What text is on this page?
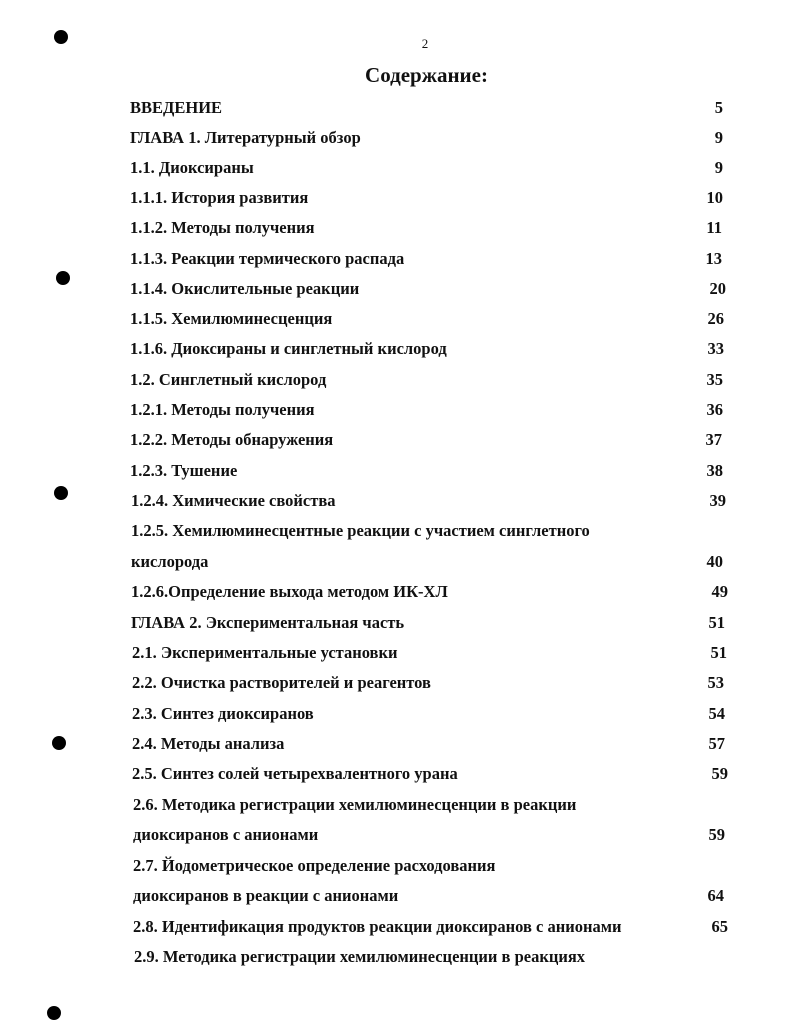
2
Содержание:
ВВЕДЕНИЕ	5
ГЛАВА 1. Литературный обзор	9
1.1. Диоксираны	9
1.1.1. История развития	10
1.1.2. Методы получения	11
1.1.3. Реакции термического распада	13
1.1.4. Окислительные реакции	20
1.1.5. Хемилюминесценция	26
1.1.6. Диоксираны и синглетный кислород	33
1.2. Синглетный кислород	35
1.2.1. Методы получения	36
1.2.2. Методы обнаружения	37
1.2.3. Тушение	38
1.2.4. Химические свойства	39
1.2.5. Хемилюминесцентные реакции с участием синглетного
кислорода	40
1.2.6.Определение выхода методом ИК-ХЛ	49
ГЛАВА 2. Экспериментальная часть	51
2.1. Экспериментальные установки	51
2.2. Очистка растворителей и реагентов	53
2.3. Синтез диоксиранов	54
2.4. Методы анализа	57
2.5. Синтез солей четырехвалентного урана	59
2.6. Методика регистрации хемилюминесценции в реакции
диоксиранов с анионами	59
2.7. Йодометрическое определение расходования
диоксиранов в реакции с анионами	64
2.8. Идентификация продуктов реакции диоксиранов с анионами	65
2.9. Методика регистрации хемилюминесценции в реакциях
